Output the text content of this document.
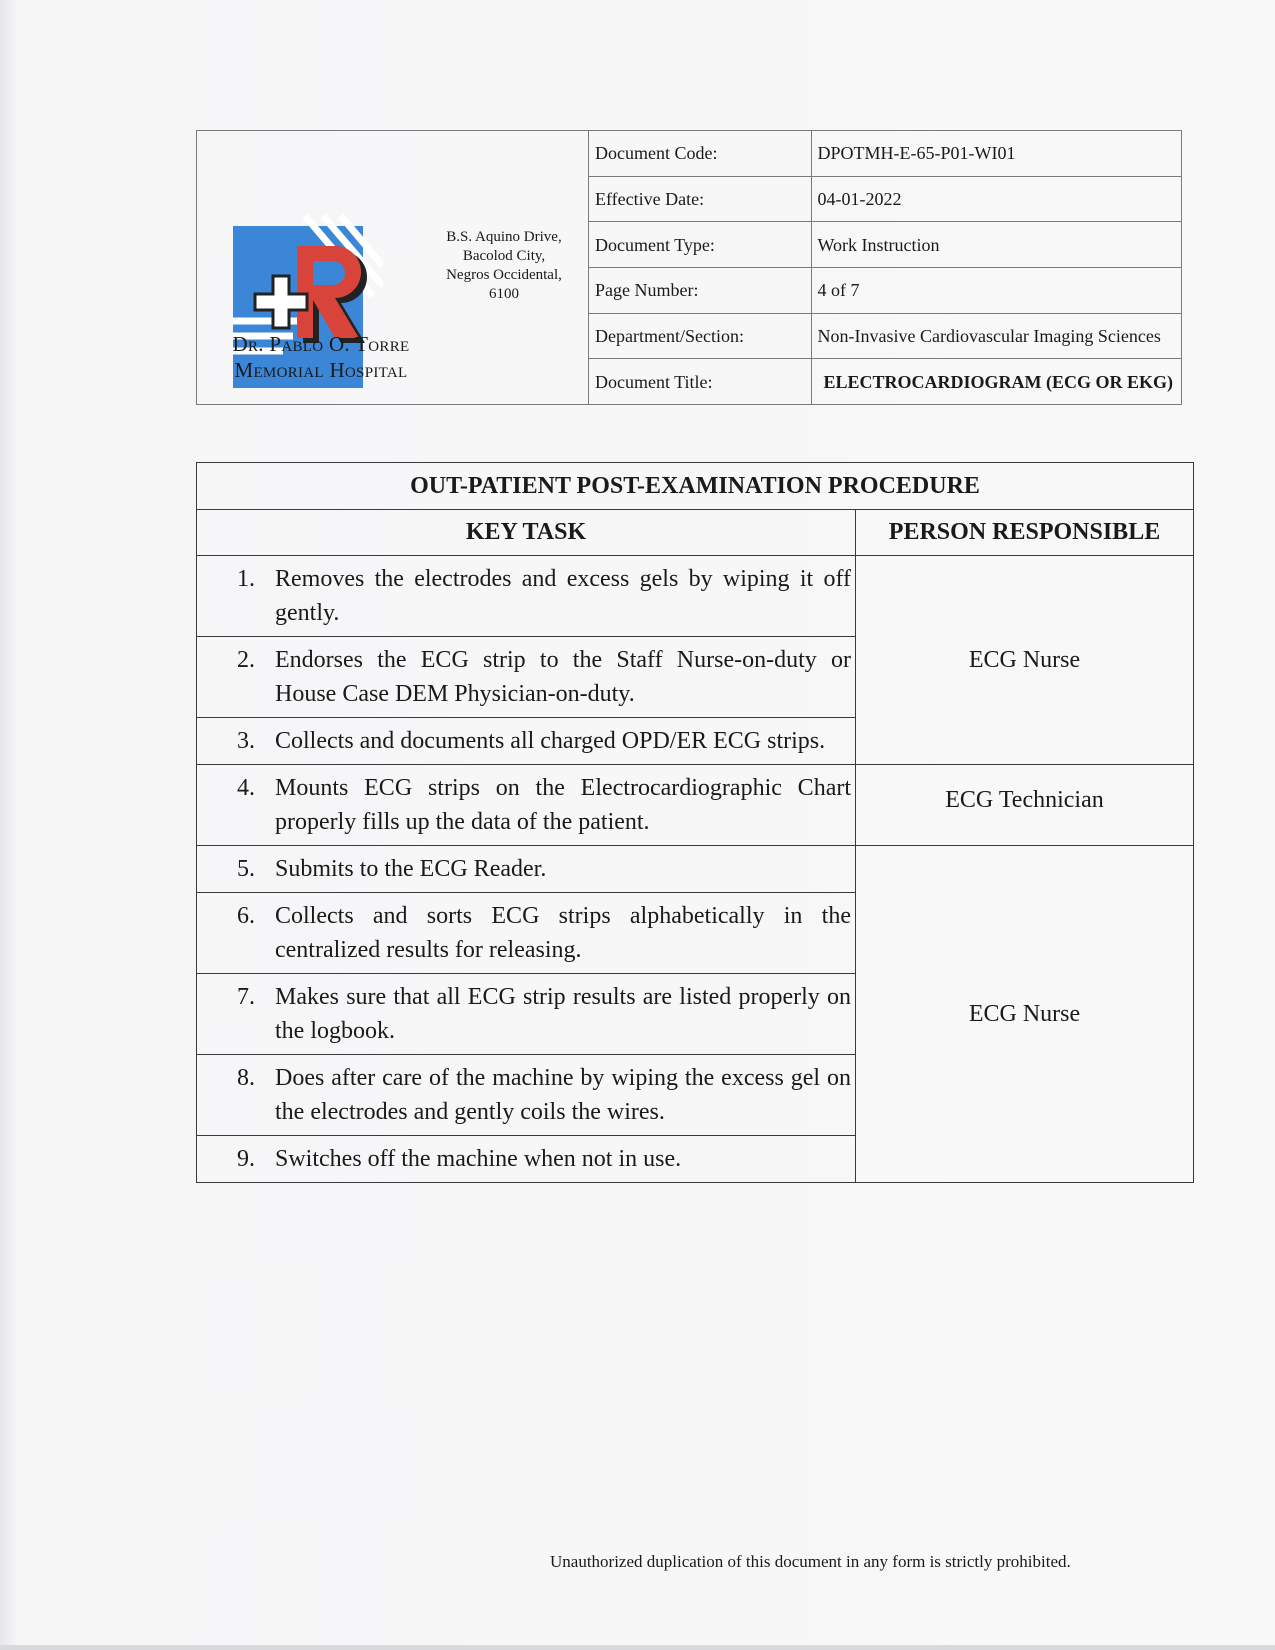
Dr. Pablo O. Torre
Memorial Hospital
B.S. Aquino Drive,
Bacolod City,
Negros Occidental,
6100
Document Code:	DPOTMH-E-65-P01-WI01
Effective Date:	04-01-2022
Document Type:	Work Instruction
Page Number:	4 of 7
Department/Section:	Non-Invasive Cardiovascular Imaging Sciences
Document Title:	ELECTROCARDIOGRAM (ECG OR EKG)
OUT-PATIENT POST-EXAMINATION PROCEDURE	
KEY TASK	PERSON RESPONSIBLE

1. Removes the electrodes and excess gels by wiping it off gently.	ECG Nurse

2. Endorses the ECG strip to the Staff Nurse-on-duty or House Case DEM Physician-on-duty.	

3. Collects and documents all charged OPD/ER ECG strips.	

4. Mounts ECG strips on the Electrocardiographic Chart properly fills up the data of the patient.	ECG Technician

5. Submits to the ECG Reader.	ECG Nurse

6. Collects and sorts ECG strips alphabetically in the centralized results for releasing.	

7. Makes sure that all ECG strip results are listed properly on the logbook.	

8. Does after care of the machine by wiping the excess gel on the electrodes and gently coils the wires.	

9. Switches off the machine when not in use.	
Unauthorized duplication of this document in any form is strictly prohibited.
